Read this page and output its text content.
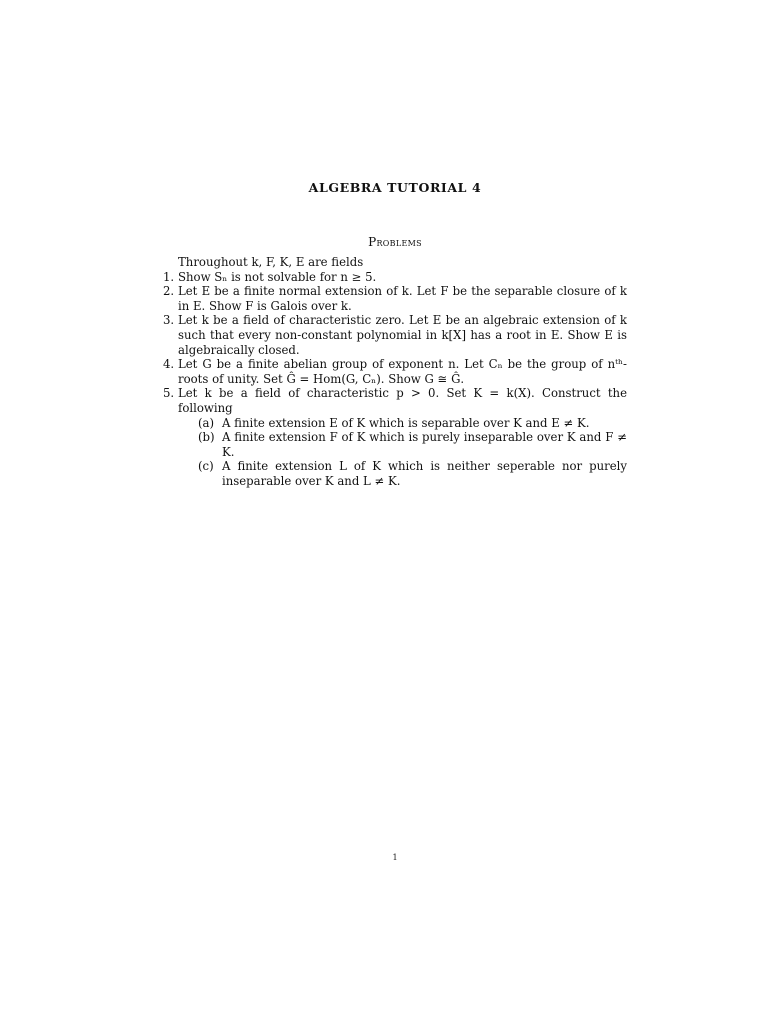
ALGEBRA TUTORIAL 4
Problems
Throughout k, F, K, E are fields
1. Show Sₙ is not solvable for n ≥ 5.
2. Let E be a finite normal extension of k. Let F be the separable closure of k in E. Show F is Galois over k.
3. Let k be a field of characteristic zero. Let E be an algebraic extension of k such that every non-constant polynomial in k[X] has a root in E. Show E is algebraically closed.
4. Let G be a finite abelian group of exponent n. Let Cₙ be the group of nᵗʰ-roots of unity. Set Ĝ = Hom(G, Cₙ). Show G ≅ Ĝ.
5. Let k be a field of characteristic p > 0. Set K = k(X). Construct the following
(a) A finite extension E of K which is separable over K and E ≠ K.
(b) A finite extension F of K which is purely inseparable over K and F ≠ K.
(c) A finite extension L of K which is neither seperable nor purely inseparable over K and L ≠ K.
1
